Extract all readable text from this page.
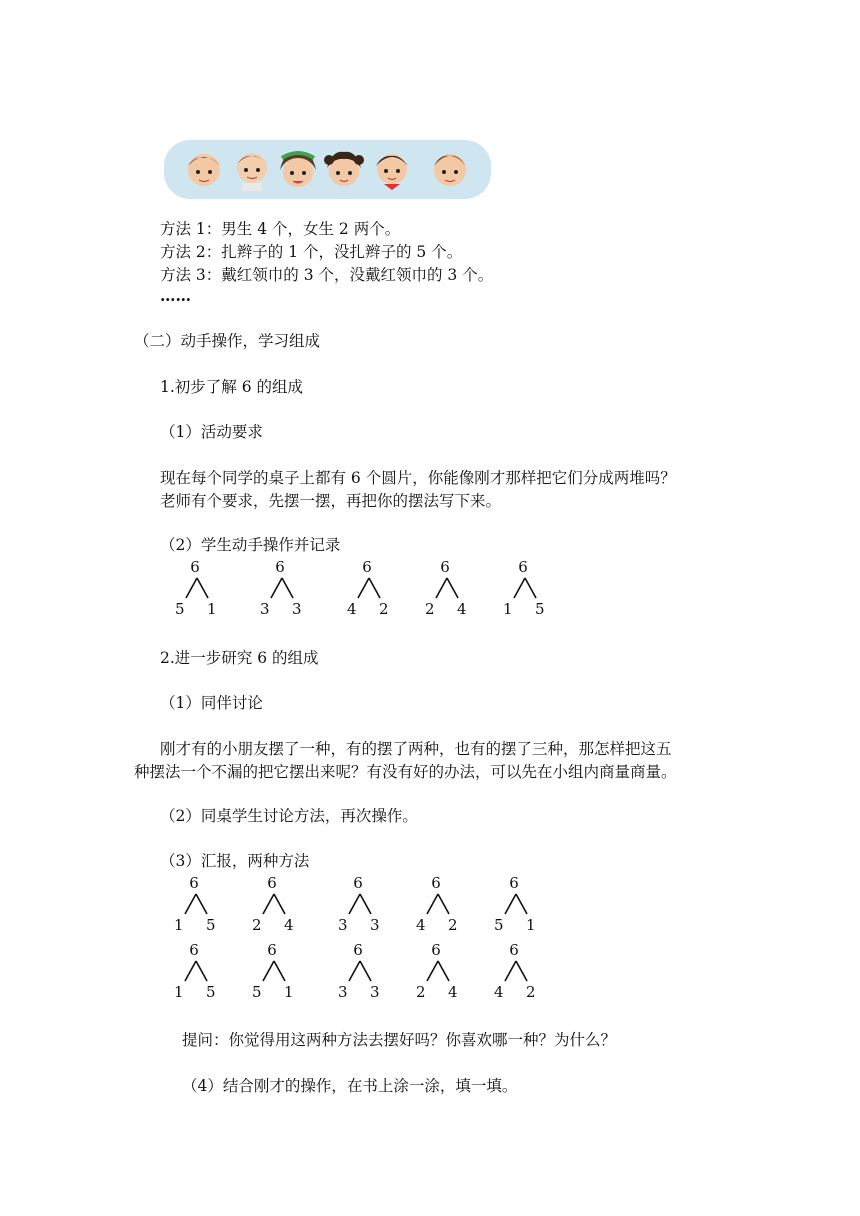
方法 1：男生 4 个，女生 2 两个。
方法 2：扎辫子的 1 个，没扎辫子的 5 个。
方法 3：戴红领巾的 3 个，没戴红领巾的 3 个。
……
（二）动手操作，学习组成
1.初步了解 6 的组成
（1）活动要求
现在每个同学的桌子上都有 6 个圆片，你能像刚才那样把它们分成两堆吗？
老师有个要求，先摆一摆，再把你的摆法写下来。
（2）学生动手操作并记录
6
5 1
6
3 3
6
4 2
6
2 4
6
1 5
2.进一步研究 6 的组成
（1）同伴讨论
刚才有的小朋友摆了一种，有的摆了两种，也有的摆了三种，那怎样把这五
种摆法一个不漏的把它摆出来呢？有没有好的办法，可以先在小组内商量商量。
（2）同桌学生讨论方法，再次操作。
（3）汇报，两种方法
6
1 5
6
2 4
6
3 3
6
4 2
6
5 1
6
1 5
6
5 1
6
3 3
6
2 4
6
4 2
提问：你觉得用这两种方法去摆好吗？你喜欢哪一种？为什么？
（4）结合刚才的操作，在书上涂一涂，填一填。
